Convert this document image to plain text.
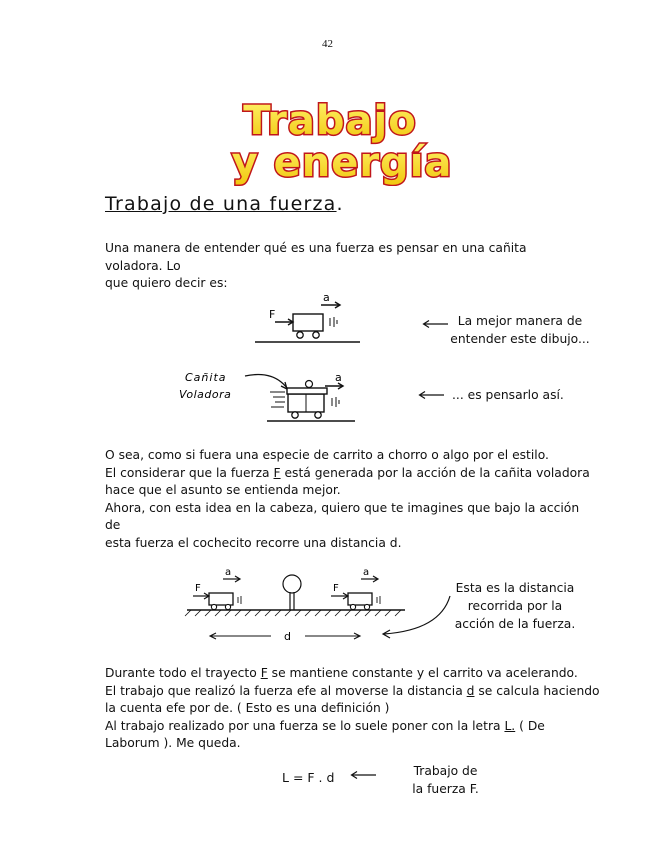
42
Trabajo
y energía
Trabajo de una fuerza.

Una manera de entender qué es una fuerza es pensar en una cañita voladora. Lo

que quiero decir es:

F
a
La mejor manera de
entender este dibujo...
Cañita
Voladora
a
... es pensarlo así.

O sea, como si fuera una especie de carrito a chorro o algo por el estilo.

El considerar que la fuerza F está generada por la acción de la cañita voladora

hace que el asunto se entienda mejor.

Ahora, con esta idea en la cabeza, quiero que te imagines que bajo la acción de

esta fuerza el cochecito recorre una distancia d.

F
a
F
a
d
Esta es la distancia
recorrida por la
acción de la fuerza.

Durante todo el trayecto F se mantiene constante y el carrito va acelerando.

El trabajo que realizó la fuerza efe al moverse la distancia d se calcula haciendo

la cuenta efe por de. ( Esto es una definición )

Al trabajo realizado por una fuerza se lo suele poner con la letra L. ( De

Laborum ). Me queda.

L = F . d	Trabajo de
la fuerza F.
